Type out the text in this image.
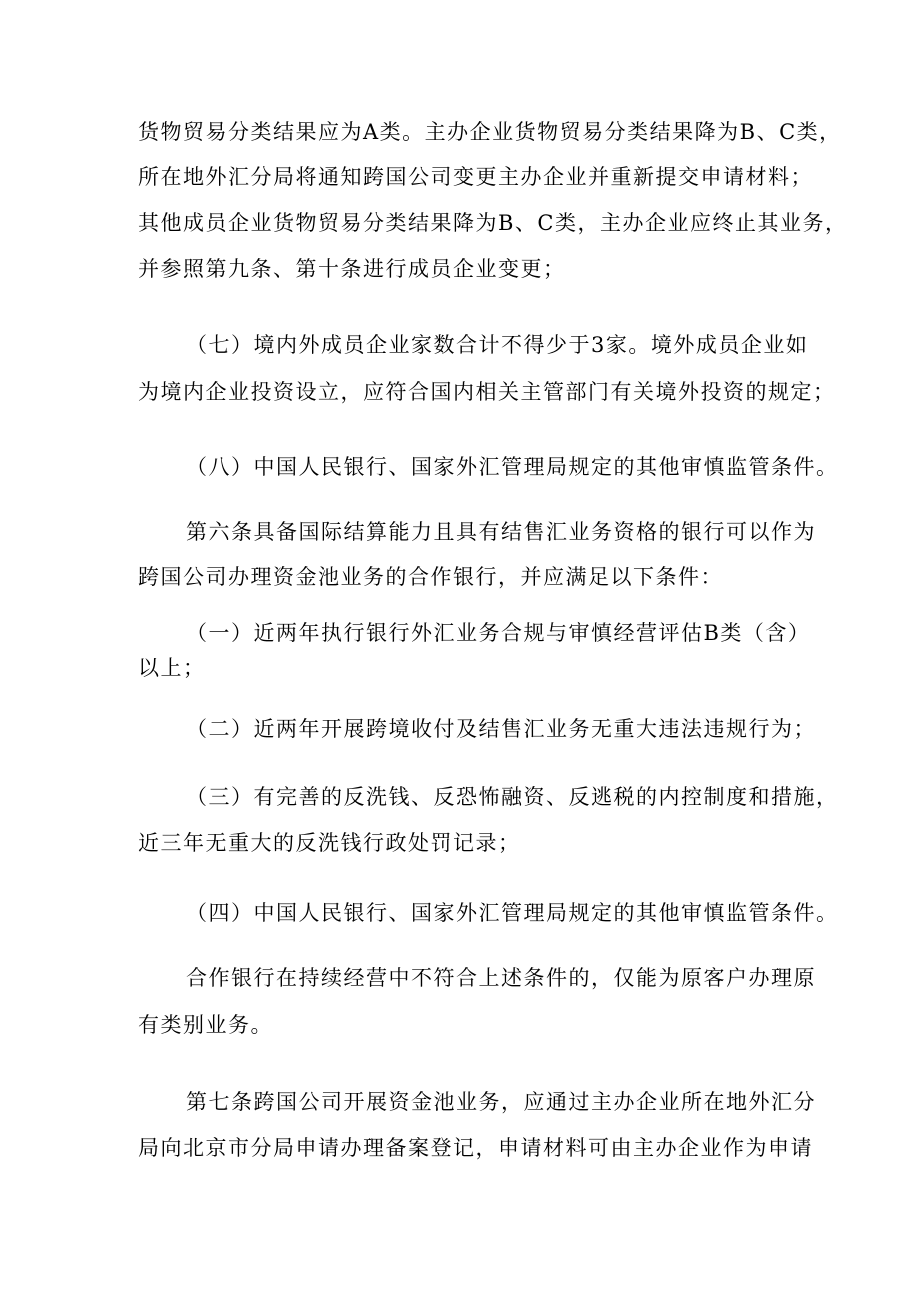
货物贸易分类结果应为A类。主办企业货物贸易分类结果降为B、C类，

所在地外汇分局将通知跨国公司变更主办企业并重新提交申请材料；

其他成员企业货物贸易分类结果降为B、C类，主办企业应终止其业务，

并参照第九条、第十条进行成员企业变更；

（七）境内外成员企业家数合计不得少于3家。境外成员企业如

为境内企业投资设立，应符合国内相关主管部门有关境外投资的规定；

（八）中国人民银行、国家外汇管理局规定的其他审慎监管条件。

第六条具备国际结算能力且具有结售汇业务资格的银行可以作为

跨国公司办理资金池业务的合作银行，并应满足以下条件：

（一）近两年执行银行外汇业务合规与审慎经营评估B类（含）

以上；

（二）近两年开展跨境收付及结售汇业务无重大违法违规行为；

（三）有完善的反洗钱、反恐怖融资、反逃税的内控制度和措施，

近三年无重大的反洗钱行政处罚记录；

（四）中国人民银行、国家外汇管理局规定的其他审慎监管条件。

合作银行在持续经营中不符合上述条件的，仅能为原客户办理原

有类别业务。

第七条跨国公司开展资金池业务，应通过主办企业所在地外汇分

局向北京市分局申请办理备案登记，申请材料可由主办企业作为申请
